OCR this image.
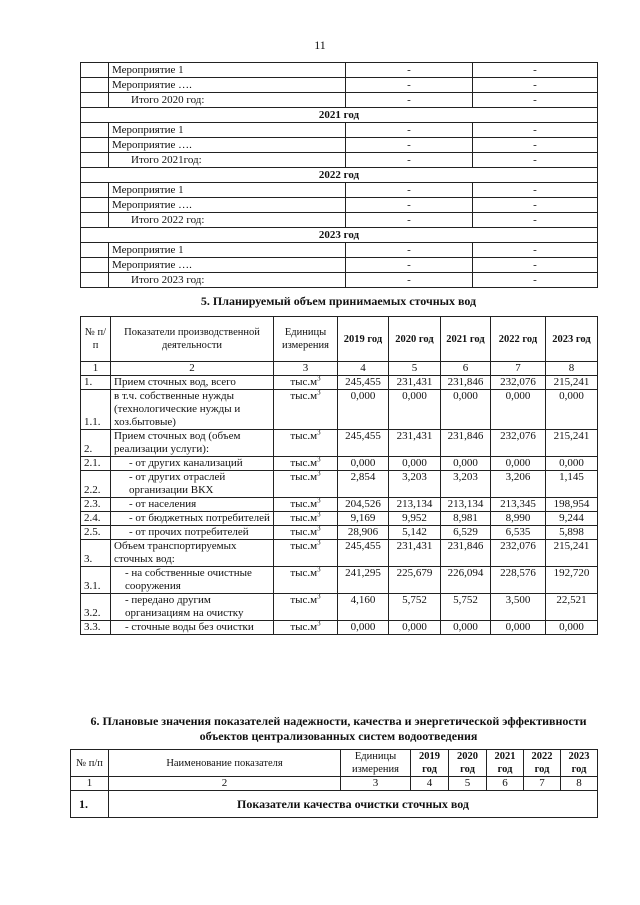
11
	Мероприятие 1	-	-
	Мероприятие ….	-	-
	Итого 2020 год:	-	-
2021 год			
	Мероприятие 1	-	-
	Мероприятие ….	-	-
	Итого 2021год:	-	-
2022 год			
	Мероприятие 1	-	-
	Мероприятие ….	-	-
	Итого 2022 год:	-	-
2023 год			
	Мероприятие 1	-	-
	Мероприятие ….	-	-
	Итого 2023 год:	-	-
5. Планируемый объем принимаемых сточных вод
№ п/п	Показатели производственной деятельности	Единицы измерения	2019 год	2020 год	2021 год	2022 год	2023 год
1	2	3	4	5	6	7	8
1.	Прием сточных вод, всего	$тыс.м^3$	245,455	231,431	231,846	232,076	215,241
1.1.	в т.ч. собственные нужды (технологические нужды и хоз.бытовые)	$тыс.м^3$	0,000	0,000	0,000	0,000	0,000
2.	Прием сточных вод (объем реализации услуги):	$тыс.м^3$	245,455	231,431	231,846	232,076	215,241
2.1.	- от других канализаций	$тыс.м^3$	0,000	0,000	0,000	0,000	0,000
2.2.	- от других отраслей организации ВКХ	$тыс.м^3$	2,854	3,203	3,203	3,206	1,145
2.3.	- от населения	$тыс.м^3$	204,526	213,134	213,134	213,345	198,954
2.4.	- от бюджетных потребителей	$тыс.м^3$	9,169	9,952	8,981	8,990	9,244
2.5.	- от прочих потребителей	$тыс.м^3$	28,906	5,142	6,529	6,535	5,898
3.	Объем транспортируемых сточных вод:	$тыс.м^3$	245,455	231,431	231,846	232,076	215,241
3.1.	- на собственные очистные сооружения	$тыс.м^3$	241,295	225,679	226,094	228,576	192,720
3.2.	- передано другим организациям на очистку	$тыс.м^3$	4,160	5,752	5,752	3,500	22,521
3.3.	- сточные воды без очистки	$тыс.м^3$	0,000	0,000	0,000	0,000	0,000
6. Плановые значения показателей надежности, качества и энергетической эффективности объектов централизованных систем водоотведения
№ п/п	Наименование показателя	Единицы измерения	2019 год	2020 год	2021 год	2022 год	2023 год
1	2	3	4	5	6	7	8
1.	Показатели качества очистки сточных вод						
